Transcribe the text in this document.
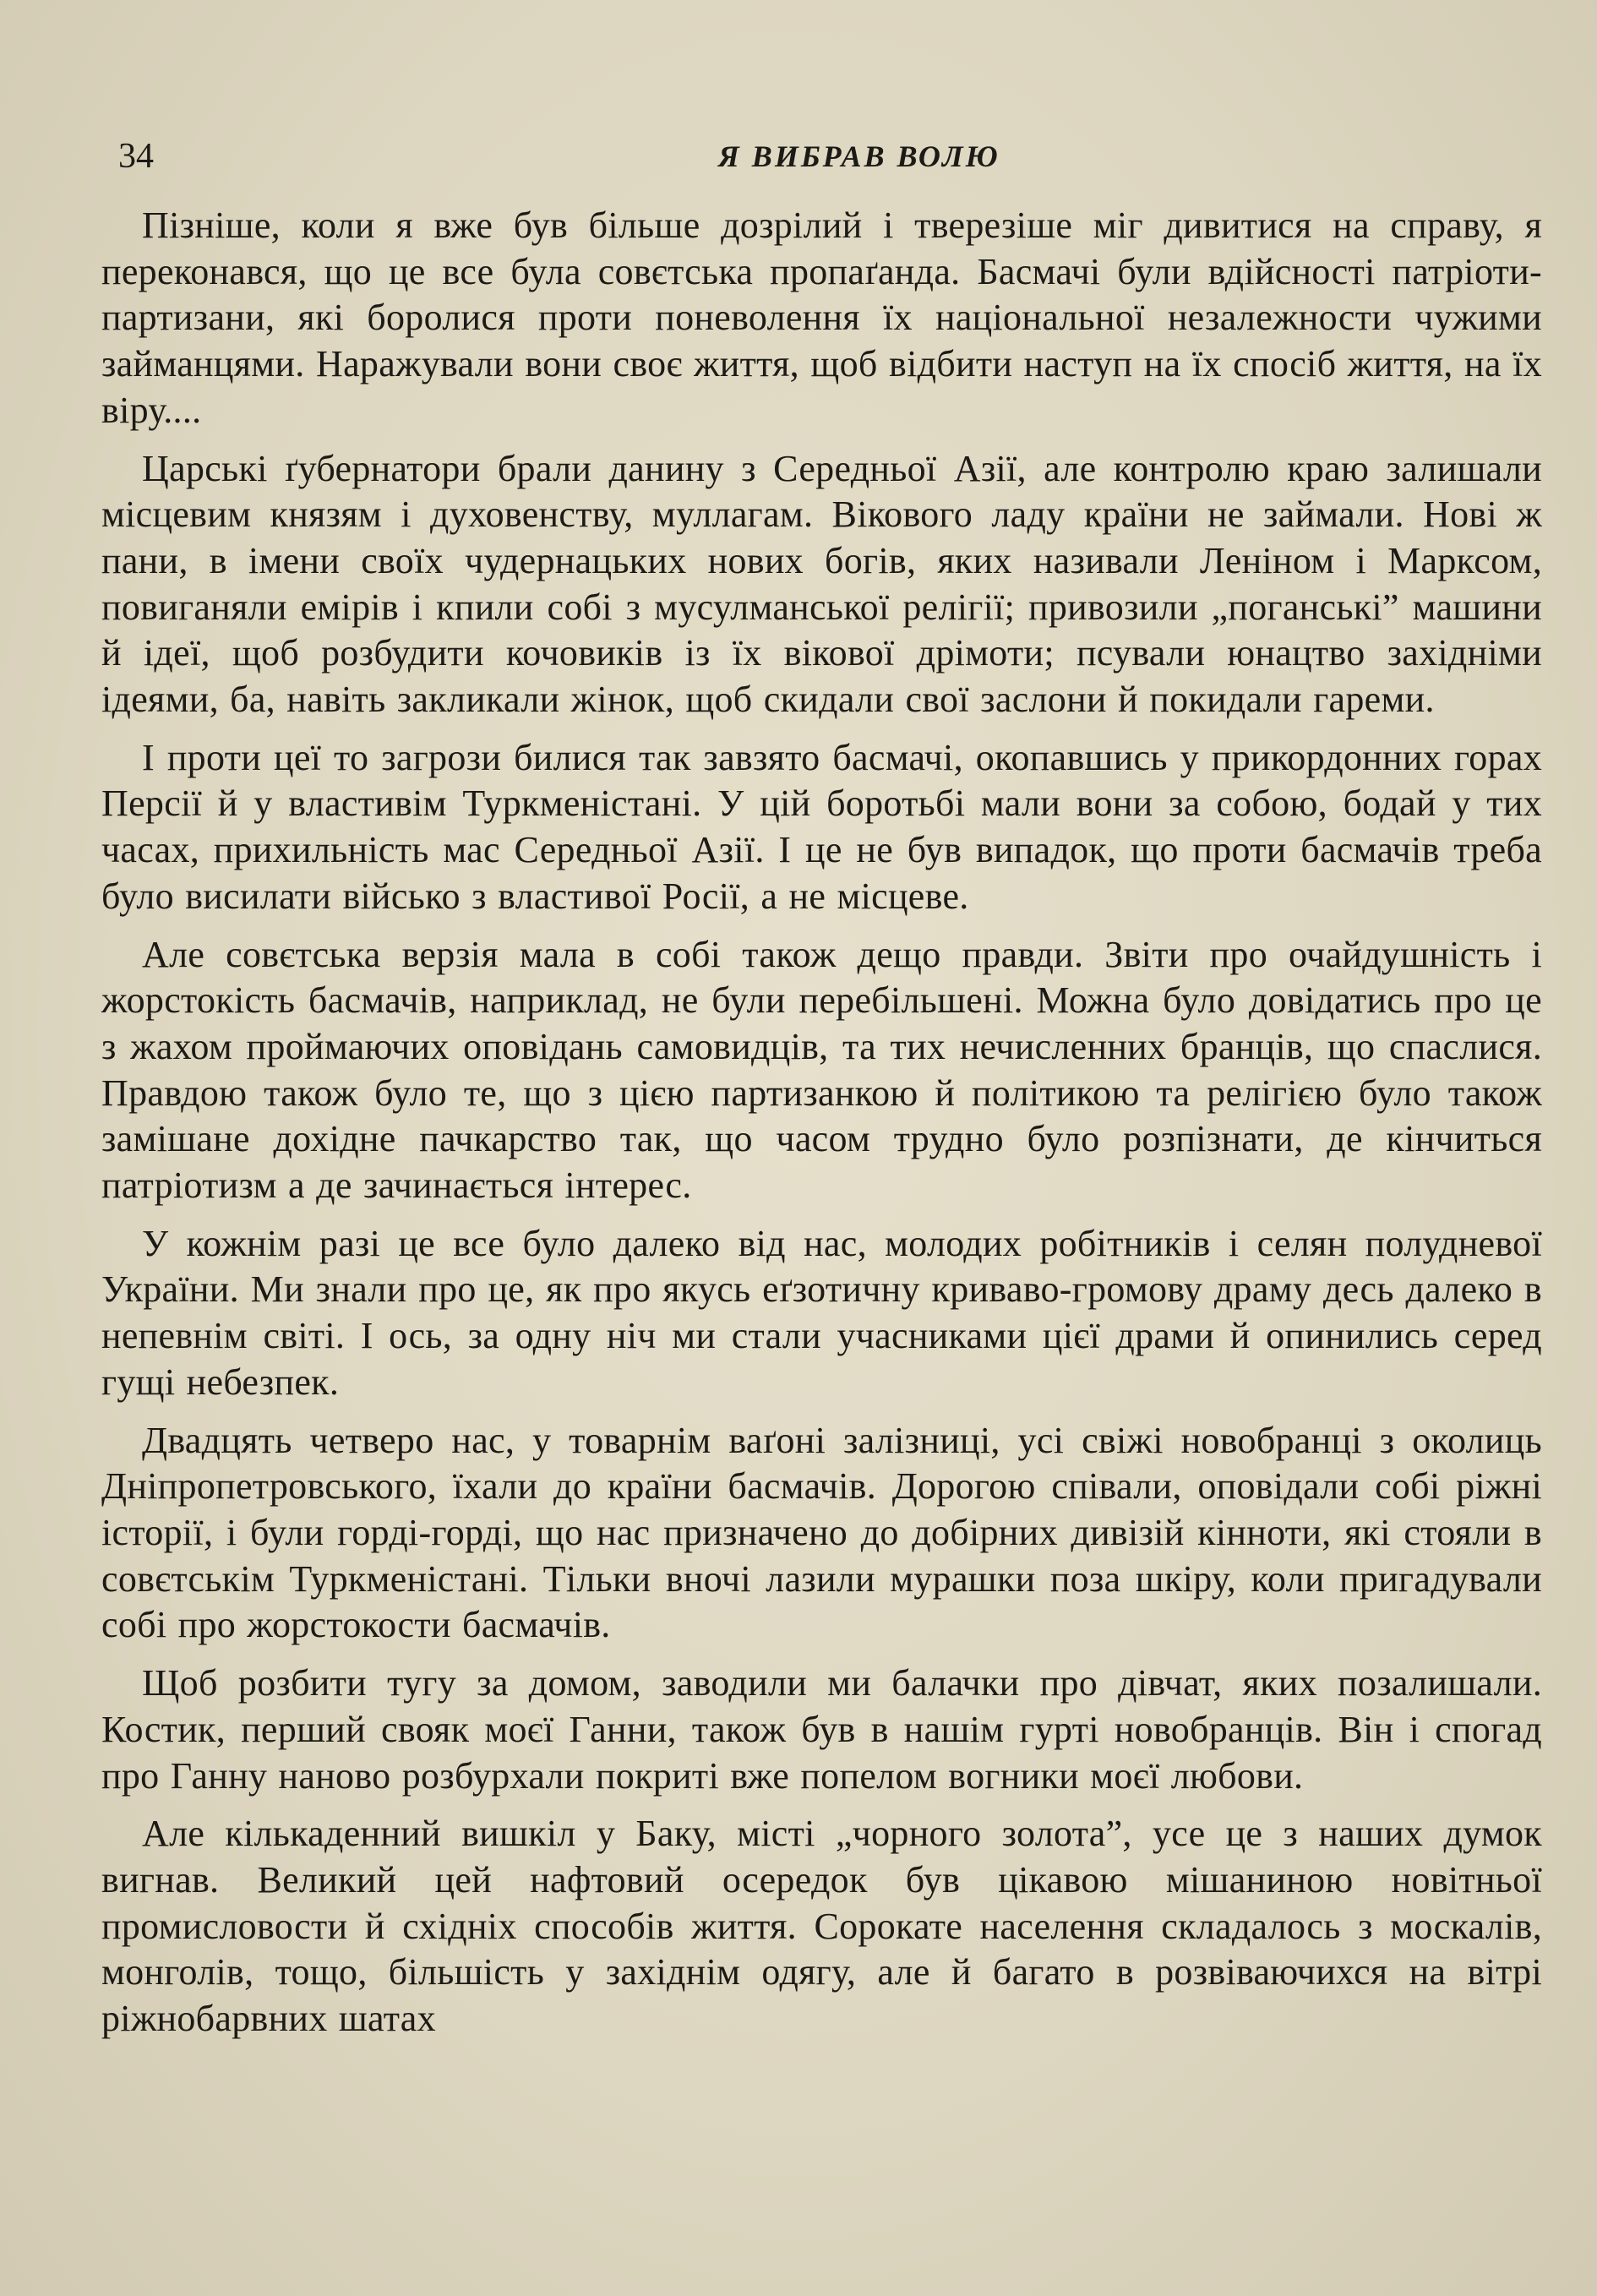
34	Я ВИБРАВ ВОЛЮ

Пізніше, коли я вже був більше дозрілий і тверезіше міг дивитися на справу, я переконався, що це все була совєтська пропаґанда. Басмачі були вдійсності патріоти-партизани, які боролися проти поневолення їх національної незалежности чужими займанцями. Наражували вони своє життя, щоб відбити наступ на їх спосіб життя, на їх віру....

Царські ґубернатори брали данину з Середньої Азії, але контролю краю залишали місцевим князям і духовенству, муллагам. Вікового ладу країни не займали. Нові ж пани, в імени своїх чудернацьких нових богів, яких називали Леніном і Марксом, повиганяли емірів і кпили собі з мусулманської релігії; привозили „поганські” машини й ідеї, щоб розбудити кочовиків із їх вікової дрімоти; псували юнацтво західніми ідеями, ба, навіть закликали жінок, щоб скидали свої заслони й покидали гареми.

І проти цеї то загрози билися так завзято басмачі, окопавшись у прикордонних горах Персії й у властивім Туркменістані. У цій боротьбі мали вони за собою, бодай у тих часах, прихильність мас Середньої Азії. І це не був випадок, що проти басмачів треба було висилати військо з властивої Росії, а не місцеве.

Але совєтська верзія мала в собі також дещо правди. Звіти про очайдушність і жорстокість басмачів, наприклад, не були перебільшені. Можна було довідатись про це з жахом проймаючих оповідань самовидців, та тих нечисленних бранців, що спаслися. Правдою також було те, що з цією партизанкою й політикою та релігією було також замішане дохідне пачкарство так, що часом трудно було розпізнати, де кінчиться патріотизм а де зачинається інтерес.

У кожнім разі це все було далеко від нас, молодих робітників і селян полудневої України. Ми знали про це, як про якусь еґзотичну криваво-громову драму десь далеко в непевнім світі. І ось, за одну ніч ми стали учасниками цієї драми й опинились серед гущі небезпек.

Двадцять четверо нас, у товарнім ваґоні залізниці, усі свіжі новобранці з околиць Дніпропетровського, їхали до країни басмачів. Дорогою співали, оповідали собі ріжні історії, і були горді-горді, що нас призначено до добірних дивізій кінноти, які стояли в совєтськім Туркменістані. Тільки вночі лазили мурашки поза шкіру, коли пригадували собі про жорстокости басмачів.

Щоб розбити тугу за домом, заводили ми балачки про дівчат, яких позалишали. Костик, перший свояк моєї Ганни, також був в нашім гурті новобранців. Він і спогад про Ганну наново розбурхали покриті вже попелом вогники моєї любови.

Але кількаденний вишкіл у Баку, місті „чорного золота”, усе це з наших думок вигнав. Великий цей нафтовий осередок був цікавою мішаниною новітньої промисловости й східніх способів життя. Сорокате населення складалось з москалів, монголів, тощо, більшість у західнім одягу, але й багато в розвіваючихся на вітрі ріжнобарвних шатах
